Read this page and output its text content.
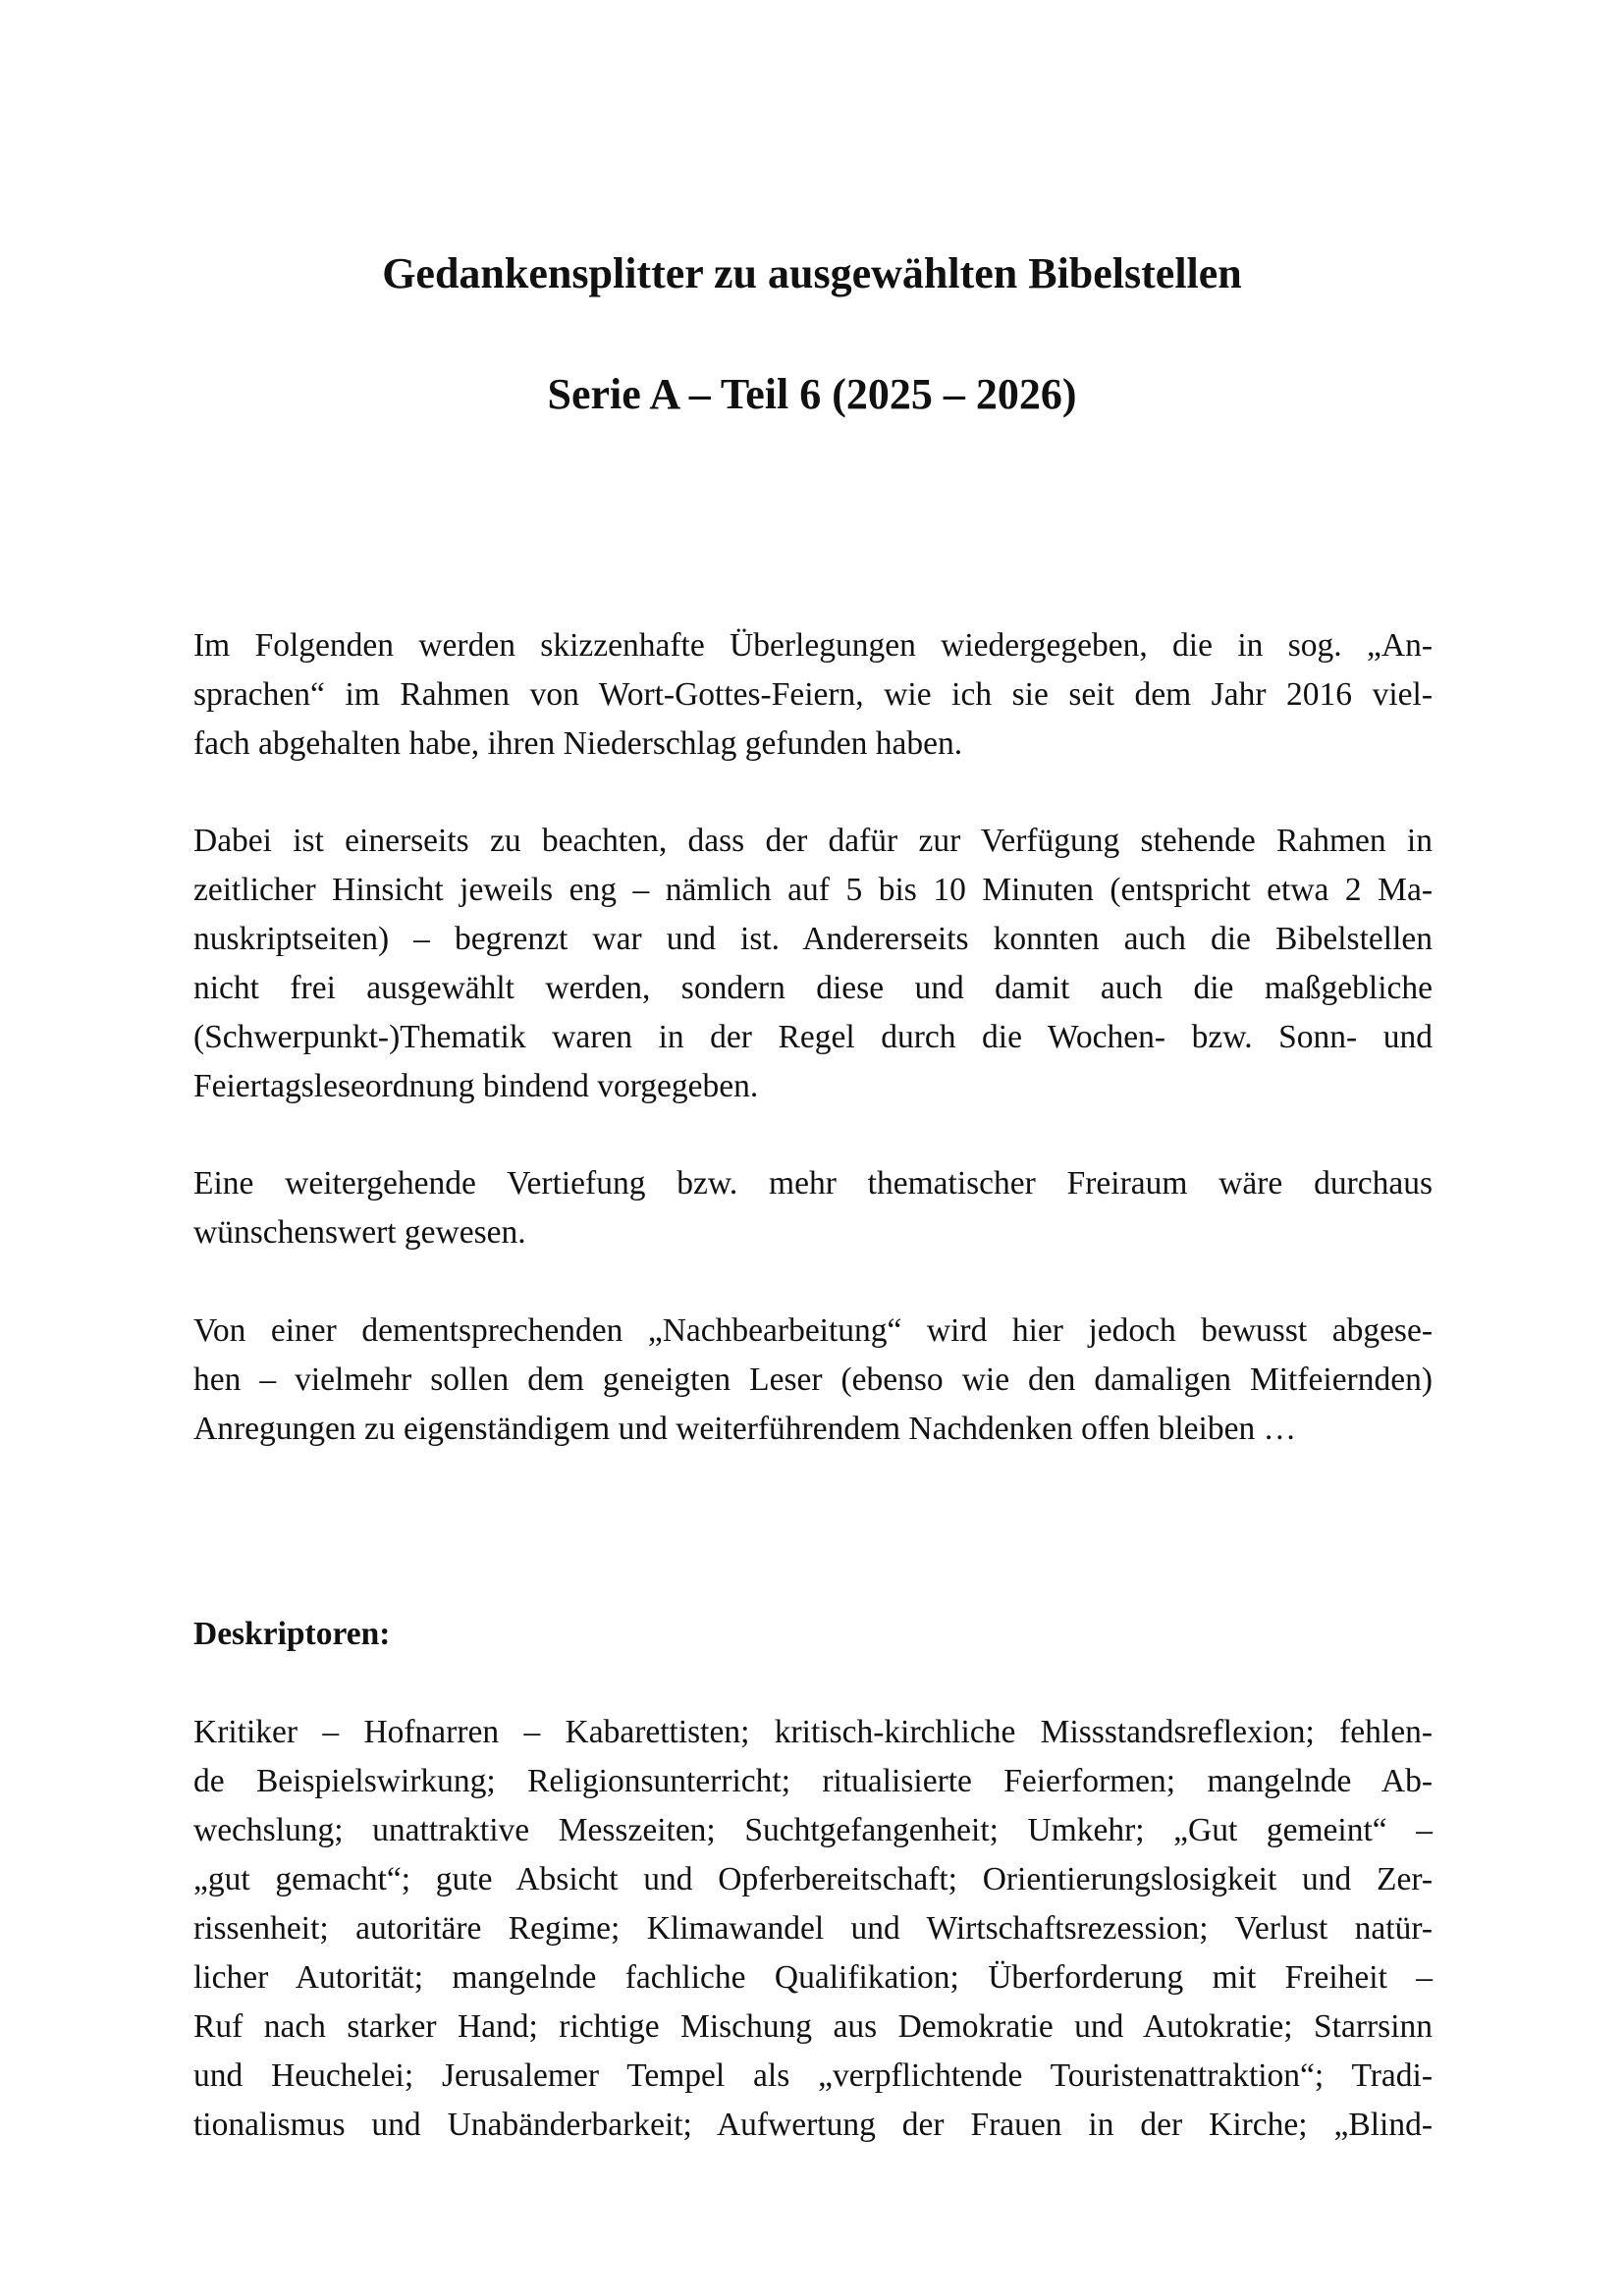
Gedankensplitter zu ausgewählten Bibelstellen
Serie A – Teil 6 (2025 – 2026)
Im Folgenden werden skizzenhafte Überlegungen wiedergegeben, die in sog. „An-
sprachen“ im Rahmen von Wort-Gottes-Feiern, wie ich sie seit dem Jahr 2016 viel-
fach abgehalten habe, ihren Niederschlag gefunden haben.
Dabei ist einerseits zu beachten, dass der dafür zur Verfügung stehende Rahmen in
zeitlicher Hinsicht jeweils eng – nämlich auf 5 bis 10 Minuten (entspricht etwa 2 Ma-
nuskriptseiten) – begrenzt war und ist. Andererseits konnten auch die Bibelstellen
nicht frei ausgewählt werden, sondern diese und damit auch die maßgebliche
(Schwerpunkt-)Thematik waren in der Regel durch die Wochen- bzw. Sonn- und
Feiertagsleseordnung bindend vorgegeben.
Eine weitergehende Vertiefung bzw. mehr thematischer Freiraum wäre durchaus
wünschenswert gewesen.
Von einer dementsprechenden „Nachbearbeitung“ wird hier jedoch bewusst abgese-
hen – vielmehr sollen dem geneigten Leser (ebenso wie den damaligen Mitfeiernden)
Anregungen zu eigenständigem und weiterführendem Nachdenken offen bleiben …
Deskriptoren:
Kritiker – Hofnarren – Kabarettisten; kritisch-kirchliche Missstandsreflexion; fehlen-
de Beispielswirkung; Religionsunterricht; ritualisierte Feierformen; mangelnde Ab-
wechslung; unattraktive Messzeiten; Suchtgefangenheit; Umkehr; „Gut gemeint“ –
„gut gemacht“; gute Absicht und Opferbereitschaft; Orientierungslosigkeit und Zer-
rissenheit; autoritäre Regime; Klimawandel und Wirtschaftsrezession; Verlust natür-
licher Autorität; mangelnde fachliche Qualifikation; Überforderung mit Freiheit –
Ruf nach starker Hand; richtige Mischung aus Demokratie und Autokratie; Starrsinn
und Heuchelei; Jerusalemer Tempel als „verpflichtende Touristenattraktion“; Tradi-
tionalismus und Unabänderbarkeit; Aufwertung der Frauen in der Kirche; „Blind-
